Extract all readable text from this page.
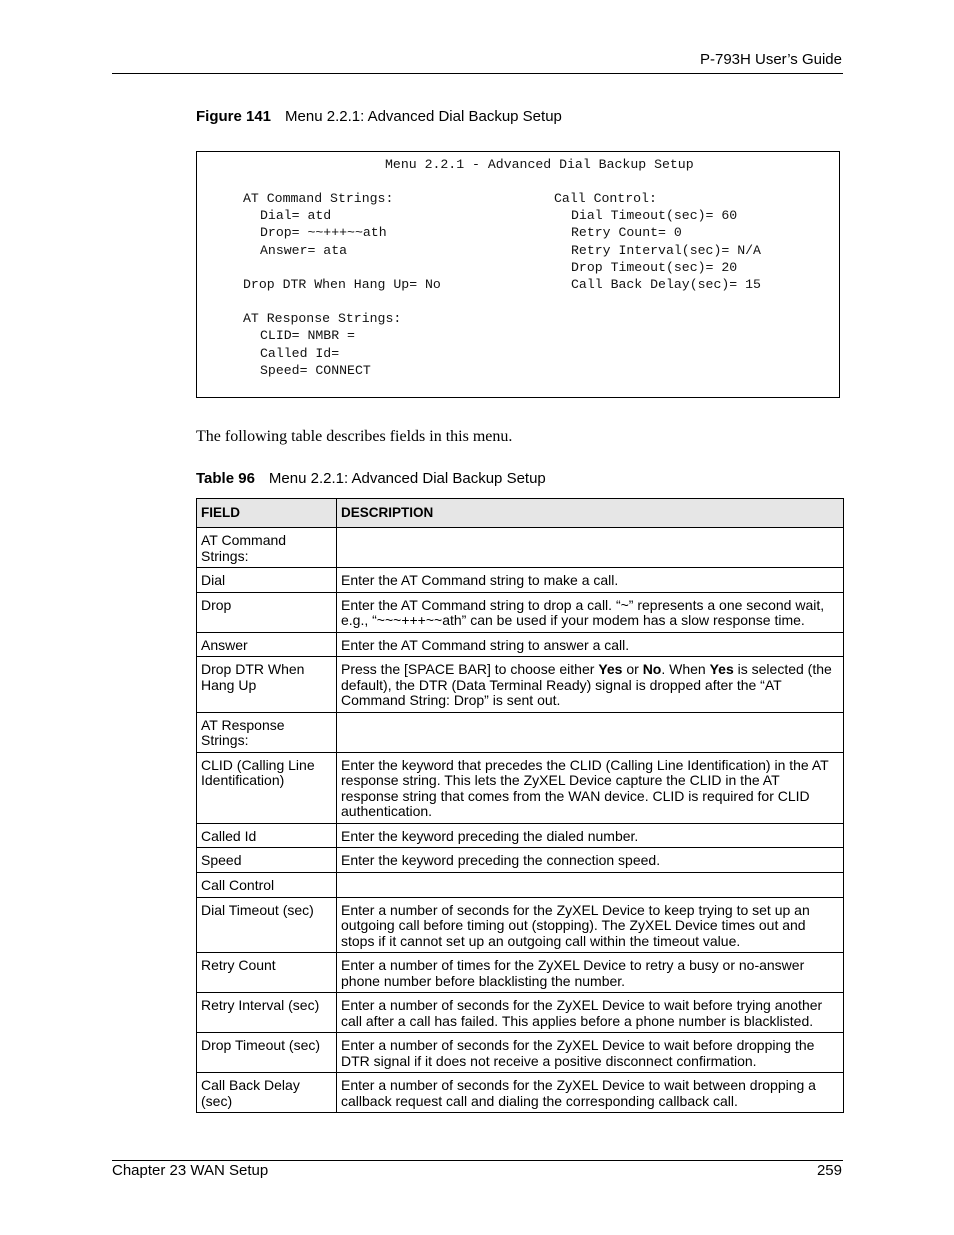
P-793H User’s Guide
Figure 141 Menu 2.2.1: Advanced Dial Backup Setup
Menu 2.2.1 - Advanced Dial Backup Setup
AT Command Strings:
Dial= atd
Drop= ~~+++~~ath
Answer= ata
Drop DTR When Hang Up= No
AT Response Strings:
CLID= NMBR =
Called Id=
Speed= CONNECT
Call Control:
Dial Timeout(sec)= 60
Retry Count= 0
Retry Interval(sec)= N/A
Drop Timeout(sec)= 20
Call Back Delay(sec)= 15
The following table describes fields in this menu.
Table 96 Menu 2.2.1: Advanced Dial Backup Setup
FIELD	DESCRIPTION
AT Command Strings:	
Dial	Enter the AT Command string to make a call.
Drop	Enter the AT Command string to drop a call. “~” represents a one second wait, e.g., “~~~+++~~ath” can be used if your modem has a slow response time.
Answer	Enter the AT Command string to answer a call.
Drop DTR When Hang Up	Press the [SPACE BAR] to choose either Yes or No. When Yes is selected (the default), the DTR (Data Terminal Ready) signal is dropped after the “AT Command String: Drop” is sent out.
AT Response Strings:	
CLID (Calling Line Identification)	Enter the keyword that precedes the CLID (Calling Line Identification) in the AT response string. This lets the ZyXEL Device capture the CLID in the AT response string that comes from the WAN device. CLID is required for CLID authentication.
Called Id	Enter the keyword preceding the dialed number.
Speed	Enter the keyword preceding the connection speed.
Call Control	
Dial Timeout (sec)	Enter a number of seconds for the ZyXEL Device to keep trying to set up an outgoing call before timing out (stopping). The ZyXEL Device times out and stops if it cannot set up an outgoing call within the timeout value.
Retry Count	Enter a number of times for the ZyXEL Device to retry a busy or no-answer phone number before blacklisting the number.
Retry Interval (sec)	Enter a number of seconds for the ZyXEL Device to wait before trying another call after a call has failed. This applies before a phone number is blacklisted.
Drop Timeout (sec)	Enter a number of seconds for the ZyXEL Device to wait before dropping the DTR signal if it does not receive a positive disconnect confirmation.
Call Back Delay (sec)	Enter a number of seconds for the ZyXEL Device to wait between dropping a callback request call and dialing the corresponding callback call.
Chapter 23 WAN Setup	259
